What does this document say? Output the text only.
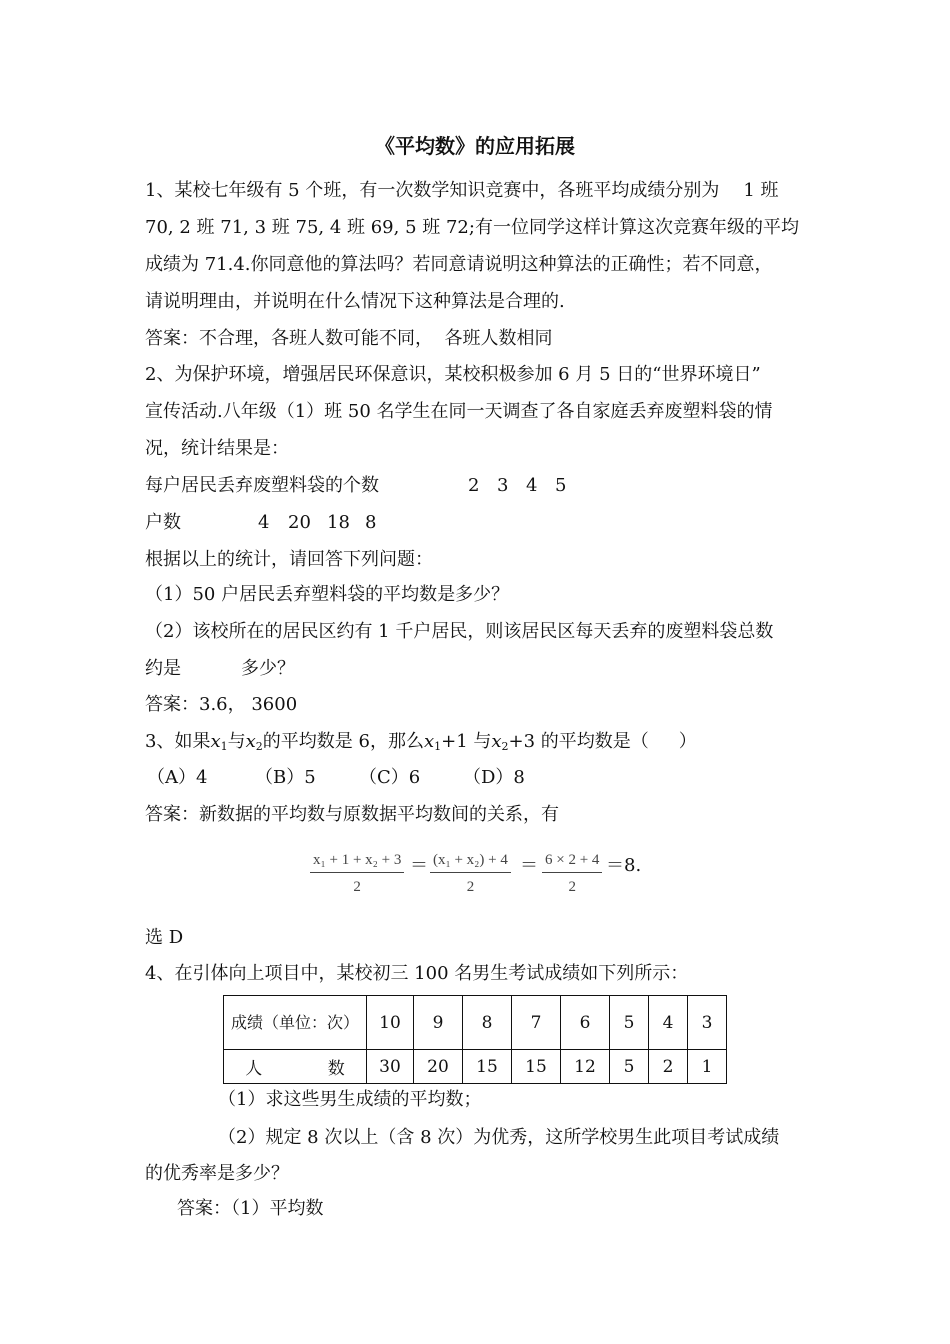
《平均数》的应用拓展
1、某校七年级有 5 个班，有一次数学知识竞赛中，各班平均成绩分别为 1 班
70, 2 班 71, 3 班 75, 4 班 69, 5 班 72;有一位同学这样计算这次竞赛年级的平均
成绩为 71.4.你同意他的算法吗？若同意请说明这种算法的正确性；若不同意，
请说明理由，并说明在什么情况下这种算法是合理的.
答案：不合理，各班人数可能不同，  各班人数相同
2、为保护环境，增强居民环保意识，某校积极参加 6 月 5 日的“世界环境日”
宣传活动.八年级（1）班 50 名学生在同一天调查了各自家庭丢弃废塑料袋的情
况，统计结果是：
每户居民丢弃废塑料袋的个数	2 3 4 5
户数	4 20 18 8
根据以上的统计，请回答下列问题：
（1）50 户居民丢弃塑料袋的平均数是多少？
（2）该校所在的居民区约有 1 千户居民，则该居民区每天丢弃的废塑料袋总数
约是	多少？
答案：3.6， 3600
3、如果$x_1$与$x_2$的平均数是 6，那么$x_1+1$ 与$x_2+3$ 的平均数是（ ）
（A）4	（B）5 （C）6 （D）8
答案：新数据的平均数与原数据平均数间的关系，有
$\frac{\text{x₁ + 1 + x₂ + 3}}{2} = \frac{\text{(x₁ + x₂) + 4}}{2} = \frac{6 \times 2 + 4}{2} =8$.
选 D
4、在引体向上项目中，某校初三 100 名男生考试成绩如下列所示：
成绩（单位：次）	10	9	8	7	6	5	4	3
人 数	30	20	15	15	12	5	2	1
（1）求这些男生成绩的平均数；
（2）规定 8 次以上（含 8 次）为优秀，这所学校男生此项目考试成绩
的优秀率是多少？
答案：（1）平均数
